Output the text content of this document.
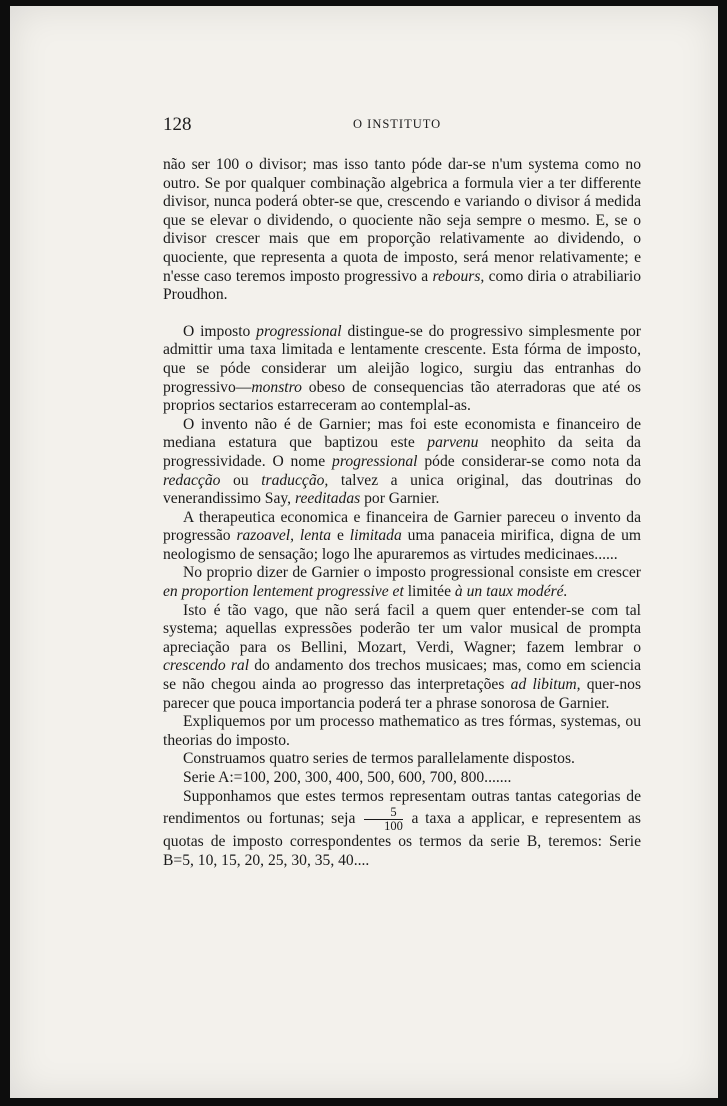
128	O INSTITUTO

não ser 100 o divisor; mas isso tanto póde dar-se n'um systema como no outro. Se por qualquer combinação algebrica a formula vier a ter differente divisor, nunca poderá obter-se que, crescendo e variando o divisor á medida que se elevar o dividendo, o quociente não seja sempre o mesmo. E, se o divisor crescer mais que em proporção relativamente ao dividendo, o quociente, que representa a quota de imposto, será menor relativamente; e n'esse caso teremos imposto progressivo a rebours, como diria o atrabiliario Proudhon.

O imposto progressional distingue-se do progressivo simplesmente por admittir uma taxa limitada e lentamente crescente. Esta fórma de imposto, que se póde considerar um aleijão logico, surgiu das entranhas do progressivo—monstro obeso de consequencias tão aterradoras que até os proprios sectarios estarreceram ao contemplal-as.

O invento não é de Garnier; mas foi este economista e financeiro de mediana estatura que baptizou este parvenu neophito da seita da progressividade. O nome progressional póde considerar-se como nota da redacção ou traducção, talvez a unica original, das doutrinas do venerandissimo Say, reeditadas por Garnier.

A therapeutica economica e financeira de Garnier pareceu o invento da progressão razoavel, lenta e limitada uma panaceia mirifica, digna de um neologismo de sensação; logo lhe apuraremos as virtudes medicinaes......

No proprio dizer de Garnier o imposto progressional consiste em crescer en proportion lentement progressive et limitée à un taux modéré.

Isto é tão vago, que não será facil a quem quer entender-se com tal systema; aquellas expressões poderão ter um valor musical de prompta apreciação para os Bellini, Mozart, Verdi, Wagner; fazem lembrar o crescendo ral do andamento dos trechos musicaes; mas, como em sciencia se não chegou ainda ao progresso das interpretações ad libitum, quer-nos parecer que pouca importancia poderá ter a phrase sonorosa de Garnier.

Expliquemos por um processo mathematico as tres fórmas, systemas, ou theorias do imposto.

Construamos quatro series de termos parallelamente dispostos.

Serie A:=100, 200, 300, 400, 500, 600, 700, 800.......

Supponhamos que estes termos representam outras tantas categorias de rendimentos ou fortunas; seja $\frac{5}{100}$ a taxa a applicar, e representem as quotas de imposto correspondentes os termos da serie B, teremos: Serie B=5, 10, 15, 20, 25, 30, 35, 40....
